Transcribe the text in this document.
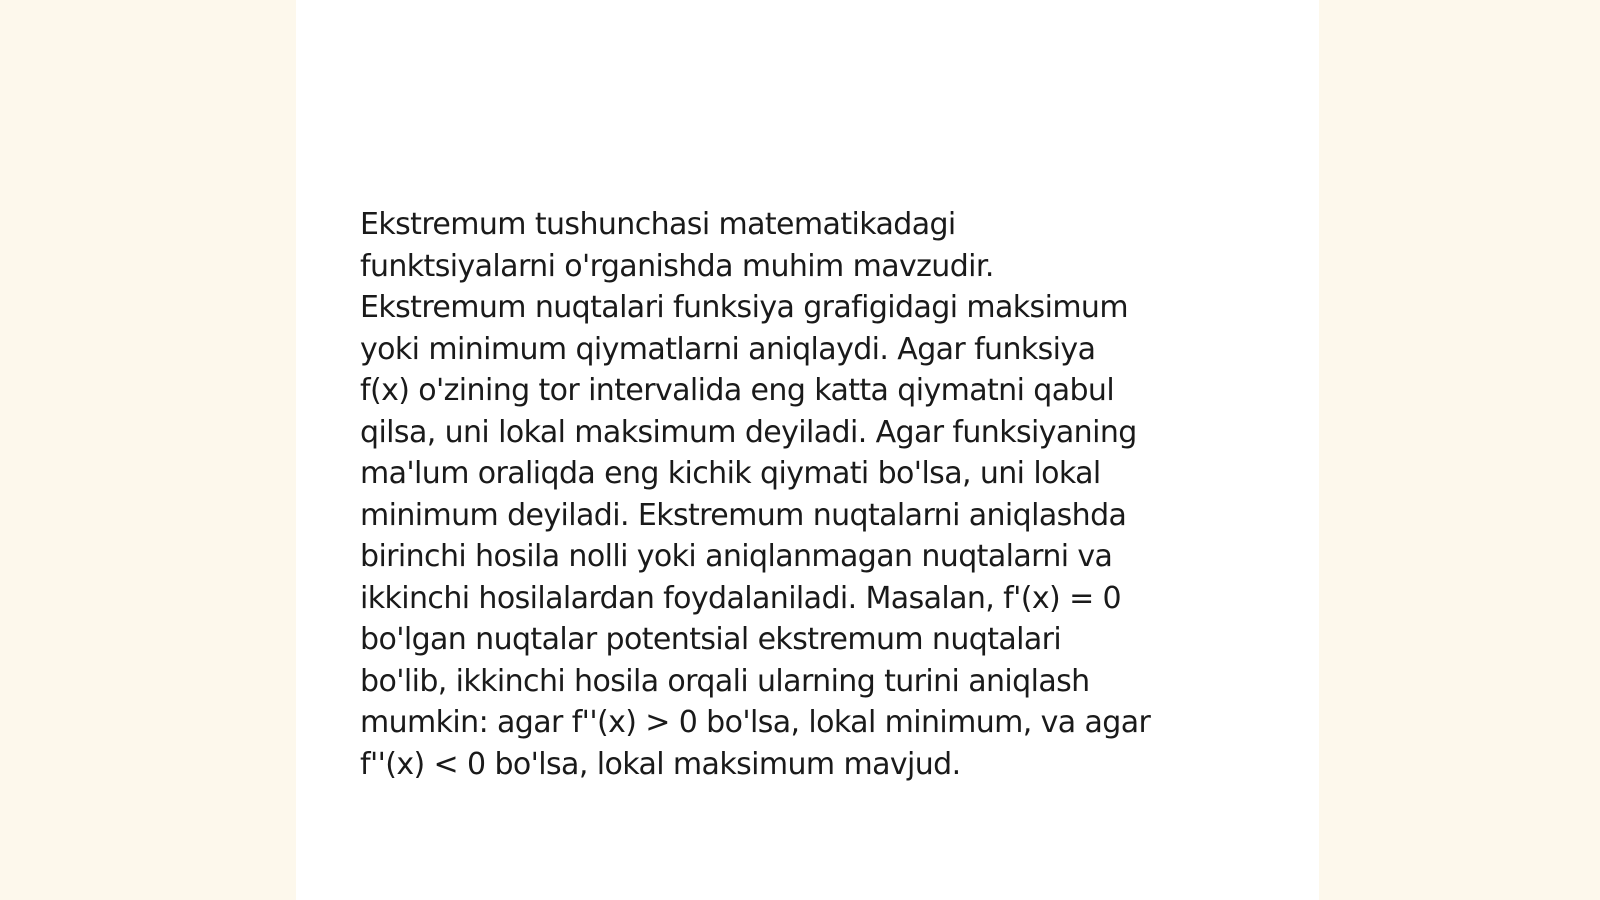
Ekstremum tushunchasi matematikadagi
funktsiyalarni o'rganishda muhim mavzudir.
Ekstremum nuqtalari funksiya grafigidagi maksimum
yoki minimum qiymatlarni aniqlaydi. Agar funksiya
f(x) o'zining tor intervalida eng katta qiymatni qabul
qilsa, uni lokal maksimum deyiladi. Agar funksiyaning
ma'lum oraliqda eng kichik qiymati bo'lsa, uni lokal
minimum deyiladi. Ekstremum nuqtalarni aniqlashda
birinchi hosila nolli yoki aniqlanmagan nuqtalarni va
ikkinchi hosilalardan foydalaniladi. Masalan, f'(x) = 0
bo'lgan nuqtalar potentsial ekstremum nuqtalari
bo'lib, ikkinchi hosila orqali ularning turini aniqlash
mumkin: agar f''(x) > 0 bo'lsa, lokal minimum, va agar
f''(x) < 0 bo'lsa, lokal maksimum mavjud.
